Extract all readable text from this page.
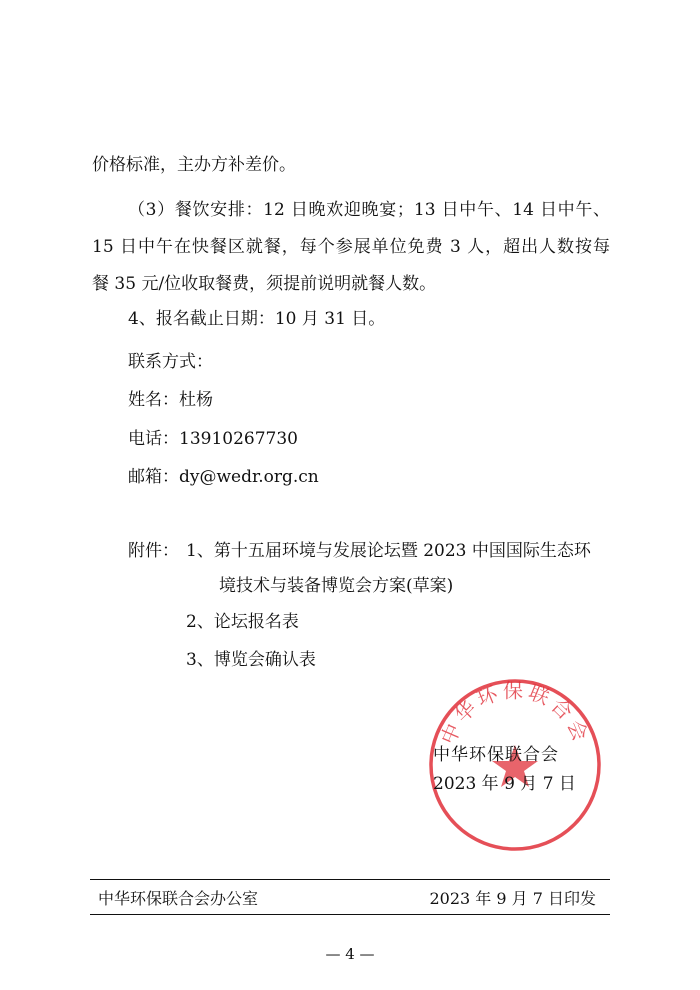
价格标准，主办方补差价。
（3）餐饮安排：12 日晚欢迎晚宴；13 日中午、14 日中午、
15 日中午在快餐区就餐，每个参展单位免费 3 人，超出人数按每
餐 35 元/位收取餐费，须提前说明就餐人数。
4、报名截止日期：10 月 31 日。
联系方式：
姓名：杜杨
电话：13910267730
邮箱：dy@wedr.org.cn
附件： 1、第十五届环境与发展论坛暨 2023 中国国际生态环
境技术与装备博览会方案(草案)
2、论坛报名表
3、博览会确认表
中华环保联合会
中华环保联合会
2023 年 9 月 7 日
中华环保联合会办公室	2023 年 9 月 7 日印发
— 4 —
